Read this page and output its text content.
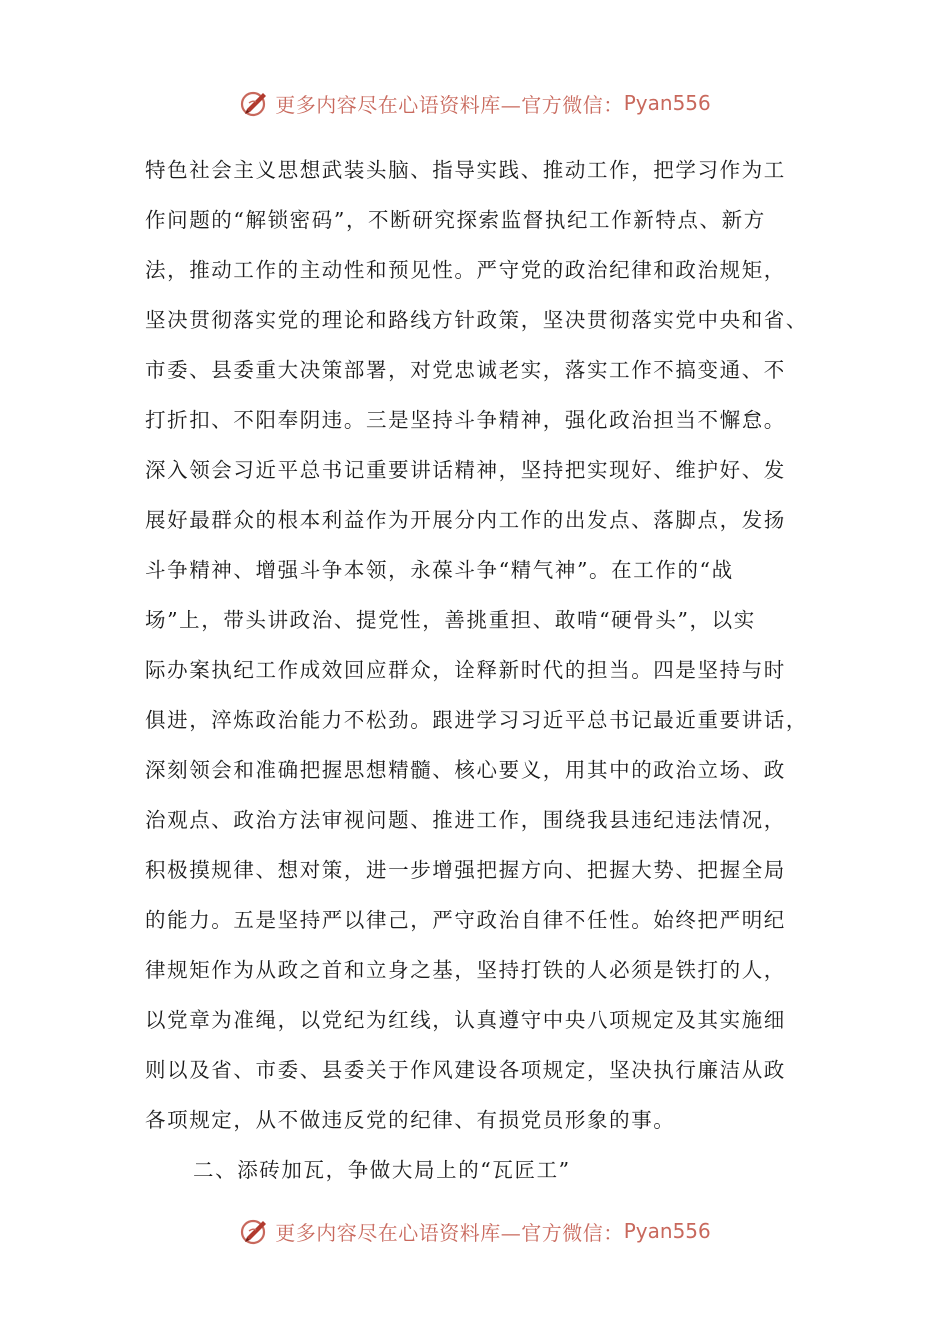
更多内容尽在心语资料库—官方微信： Pyan556
特色社会主义思想武装头脑、指导实践、推动工作，把学习作为工
作问题的“解锁密码”，不断研究探索监督执纪工作新特点、新方
法，推动工作的主动性和预见性。严守党的政治纪律和政治规矩，
坚决贯彻落实党的理论和路线方针政策，坚决贯彻落实党中央和省、
市委、县委重大决策部署，对党忠诚老实，落实工作不搞变通、不
打折扣、不阳奉阴违。三是坚持斗争精神，强化政治担当不懈怠。
深入领会习近平总书记重要讲话精神，坚持把实现好、维护好、发
展好最群众的根本利益作为开展分内工作的出发点、落脚点，发扬
斗争精神、增强斗争本领，永葆斗争“精气神”。在工作的“战
场”上，带头讲政治、提党性，善挑重担、敢啃“硬骨头”，以实
际办案执纪工作成效回应群众，诠释新时代的担当。四是坚持与时
俱进，淬炼政治能力不松劲。跟进学习习近平总书记最近重要讲话，
深刻领会和准确把握思想精髓、核心要义，用其中的政治立场、政
治观点、政治方法审视问题、推进工作，围绕我县违纪违法情况，
积极摸规律、想对策，进一步增强把握方向、把握大势、把握全局
的能力。五是坚持严以律己，严守政治自律不任性。始终把严明纪
律规矩作为从政之首和立身之基，坚持打铁的人必须是铁打的人，
以党章为准绳，以党纪为红线，认真遵守中央八项规定及其实施细
则以及省、市委、县委关于作风建设各项规定，坚决执行廉洁从政
各项规定，从不做违反党的纪律、有损党员形象的事。
二、添砖加瓦，争做大局上的“瓦匠工”
更多内容尽在心语资料库—官方微信： Pyan556
